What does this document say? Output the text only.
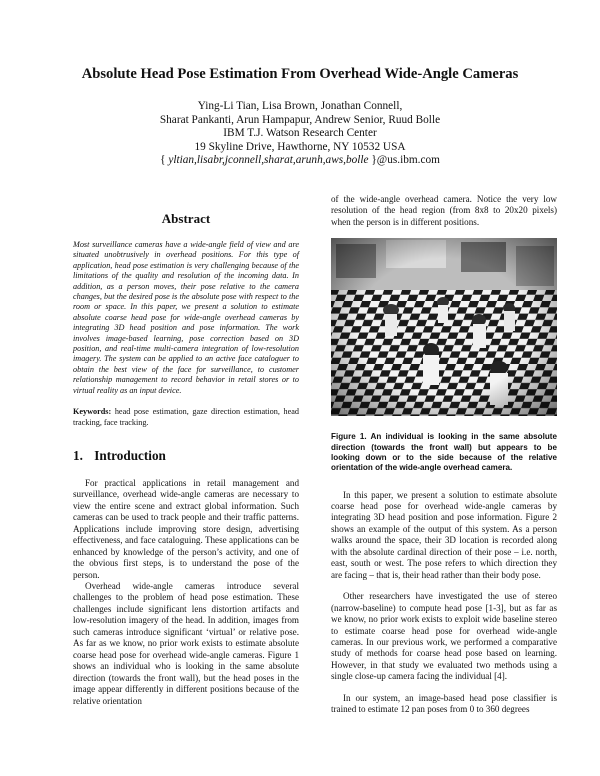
Absolute Head Pose Estimation From Overhead Wide-Angle Cameras
Ying-Li Tian, Lisa Brown, Jonathan Connell,
Sharat Pankanti, Arun Hampapur, Andrew Senior, Ruud Bolle
IBM T.J. Watson Research Center
19 Skyline Drive, Hawthorne, NY 10532 USA
{ yltian,lisabr,jconnell,sharat,arunh,aws,bolle }@us.ibm.com
Abstract

Most surveillance cameras have a wide-angle field of view and are situated unobtrusively in overhead positions. For this type of application, head pose estimation is very challenging because of the limitations of the quality and resolution of the incoming data. In addition, as a person moves, their pose relative to the camera changes, but the desired pose is the absolute pose with respect to the room or space. In this paper, we present a solution to estimate absolute coarse head pose for wide-angle overhead cameras by integrating 3D head position and pose information. The work involves image-based learning, pose correction based on 3D position, and real-time multi-camera integration of low-resolution imagery. The system can be applied to an active face cataloguer to obtain the best view of the face for surveillance, to customer relationship management to record behavior in retail stores or to virtual reality as an input device.

Keywords: head pose estimation, gaze direction estimation, head tracking, face tracking.

1. Introduction

For practical applications in retail management and surveillance, overhead wide-angle cameras are necessary to view the entire scene and extract global information. Such cameras can be used to track people and their traffic patterns. Applications include improving store design, advertising effectiveness, and face cataloguing. These applications can be enhanced by knowledge of the person’s activity, and one of the obvious first steps, is to understand the pose of the person.

Overhead wide-angle cameras introduce several challenges to the problem of head pose estimation. These challenges include significant lens distortion artifacts and low-resolution imagery of the head. In addition, images from such cameras introduce significant ‘virtual’ or relative pose. As far as we know, no prior work exists to estimate absolute coarse head pose for overhead wide-angle cameras. Figure 1 shows an individual who is looking in the same absolute direction (towards the front wall), but the head poses in the image appear differently in different positions because of the relative orientation

of the wide-angle overhead camera. Notice the very low resolution of the head region (from 8x8 to 20x20 pixels) when the person is in different positions.

Figure 1. An individual is looking in the same absolute direction (towards the front wall) but appears to be looking down or to the side because of the relative orientation of the wide-angle overhead camera.

In this paper, we present a solution to estimate absolute coarse head pose for overhead wide-angle cameras by integrating 3D head position and pose information. Figure 2 shows an example of the output of this system. As a person walks around the space, their 3D location is recorded along with the absolute cardinal direction of their pose – i.e. north, east, south or west. The pose refers to which direction they are facing – that is, their head rather than their body pose.

Other researchers have investigated the use of stereo (narrow-baseline) to compute head pose [1-3], but as far as we know, no prior work exists to exploit wide baseline stereo to estimate coarse head pose for overhead wide-angle cameras. In our previous work, we performed a comparative study of methods for coarse head pose based on learning. However, in that study we evaluated two methods using a single close-up camera facing the individual [4].

In our system, an image-based head pose classifier is trained to estimate 12 pan poses from 0 to 360 degrees
